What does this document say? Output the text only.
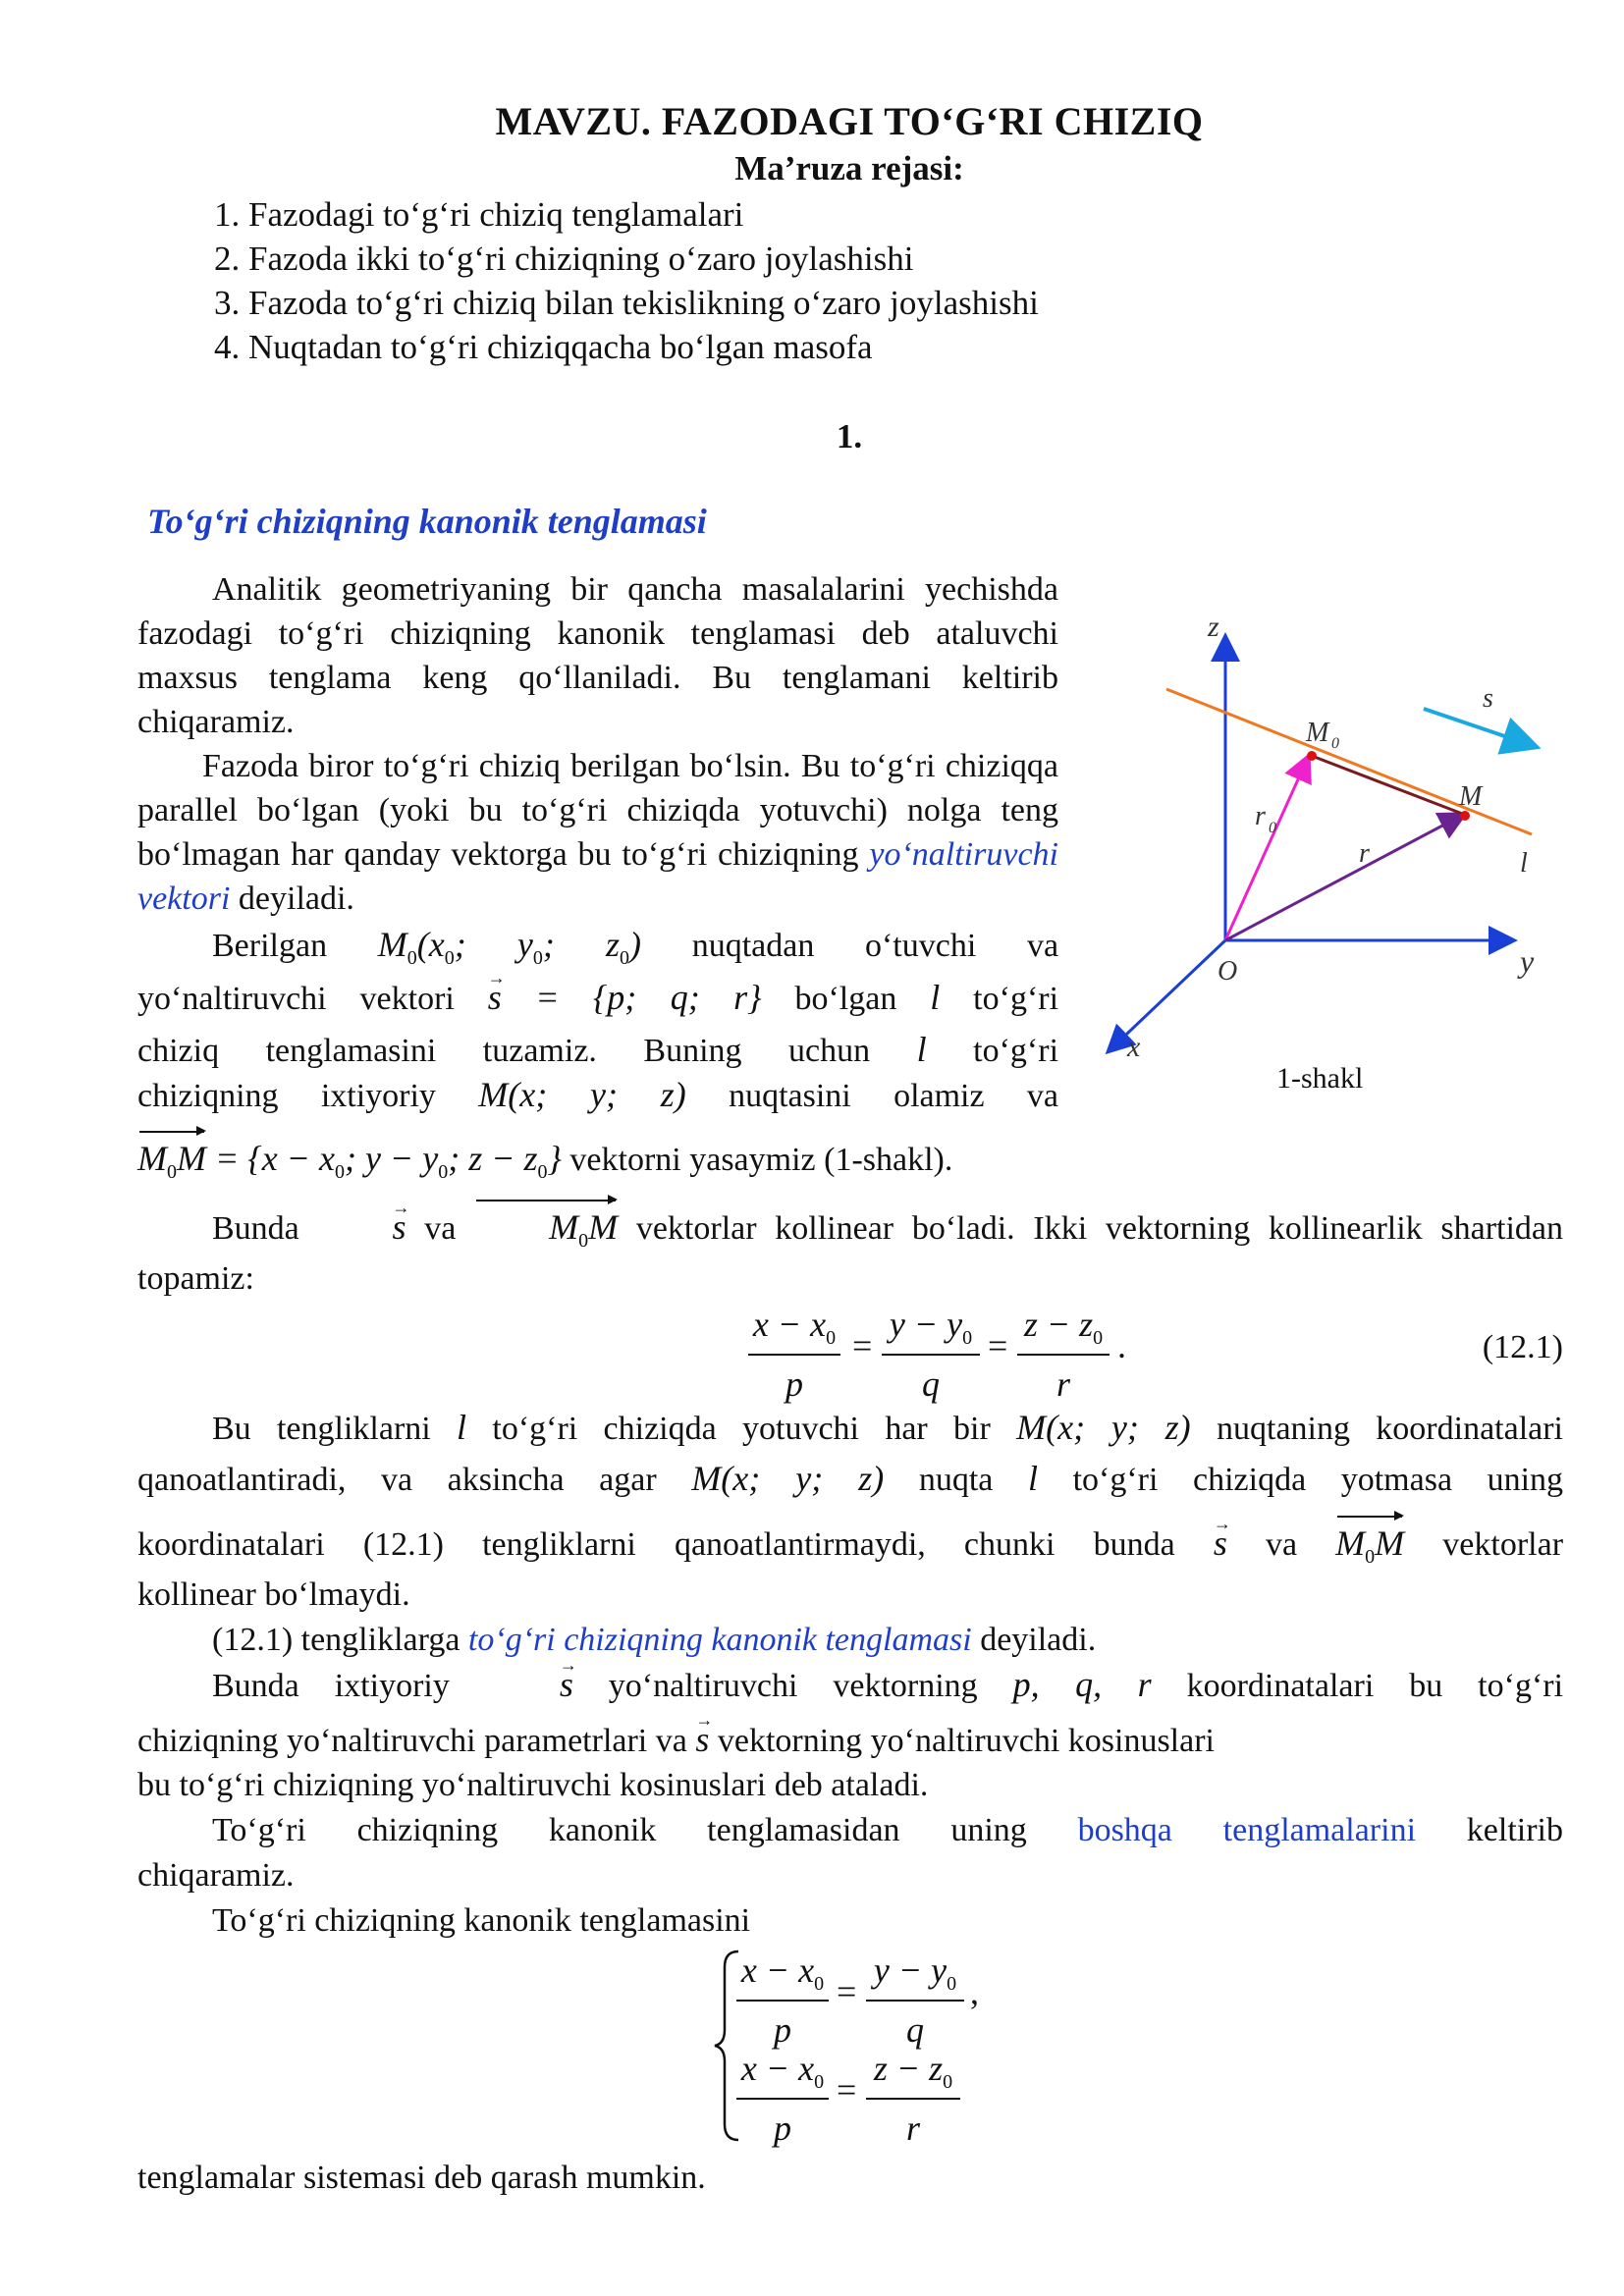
MAVZU. FAZODAGI TO‘G‘RI CHIZIQ
Ma’ruza rejasi:
1. Fazodagi to‘g‘ri chiziq tenglamalari
2. Fazoda ikki to‘g‘ri chiziqning o‘zaro joylashishi
3. Fazoda to‘g‘ri chiziq bilan tekislikning o‘zaro joylashishi
4. Nuqtadan to‘g‘ri chiziqqacha bo‘lgan masofa
1.
To‘g‘ri chiziqning kanonik tenglamasi
Analitik geometriyaning bir qancha masalalarini yechishda fazodagi to‘g‘ri chiziqning kanonik tenglamasi deb ataluvchi maxsus tenglama keng qo‘llaniladi. Bu tenglamani keltirib chiqaramiz.
Fazoda biror to‘g‘ri chiziq berilgan bo‘lsin. Bu to‘g‘ri chiziqqa parallel bo‘lgan (yoki bu to‘g‘ri chiziqda yotuvchi) nolga teng bo‘lmagan har qanday vektorga bu to‘g‘ri chiziqning yo‘naltiruvchi vektori deyiladi.
Berilgan $M_0(x_0$; $y_0$; $z_0$) nuqtadan o‘tuvchi va
yo‘naltiruvchi vektori → s = {p; q; r} bo‘lgan l to‘g‘ri
chiziq tenglamasini tuzamiz. Buning uchun l to‘g‘ri
chiziqning ixtiyoriy M(x; y; z) nuqtasini olamiz va
$M_0M = \{x - x_0$; $y - y_0$; $z - z_0$} vektorni yasaymiz (1-shakl).
z
y
x
O
s
M 0
M
l
r 0
r
1-shakl
Bunda	→ s va	$M_0M$ vektorlar kollinear bo‘ladi. Ikki vektorning kollinearlik shartidan
topamiz:
$\frac{x - x_0}{p} = \frac{y - y_0}{q} = \frac{z - z_0}{r}$ .	(12.1)
Bu tengliklarni l to‘g‘ri chiziqda yotuvchi har bir M(x; y; z) nuqtaning koordinatalari
qanoatlantiradi, va aksincha agar M(x; y; z) nuqta l to‘g‘ri chiziqda yotmasa uning
koordinatalari (12.1) tengliklarni qanoatlantirmaydi, chunki bunda → s va $M_0M$ vektorlar
kollinear bo‘lmaydi.
(12.1) tengliklarga to‘g‘ri chiziqning kanonik tenglamasi deyiladi.
Bunda ixtiyoriy	→ s yo‘naltiruvchi vektorning p, q, r koordinatalari bu to‘g‘ri
chiziqning yo‘naltiruvchi parametrlari va → s vektorning yo‘naltiruvchi kosinuslari
bu to‘g‘ri chiziqning yo‘naltiruvchi kosinuslari deb ataladi.
To‘g‘ri chiziqning kanonik tenglamasidan uning boshqa tenglamalarini keltirib
chiqaramiz.
To‘g‘ri chiziqning kanonik tenglamasini
$\frac{x - x_0}{p} = \frac{y - y_0}{q}$ ,
$\frac{x - x_0}{p} = \frac{z - z_0}{r}$
tenglamalar sistemasi deb qarash mumkin.
